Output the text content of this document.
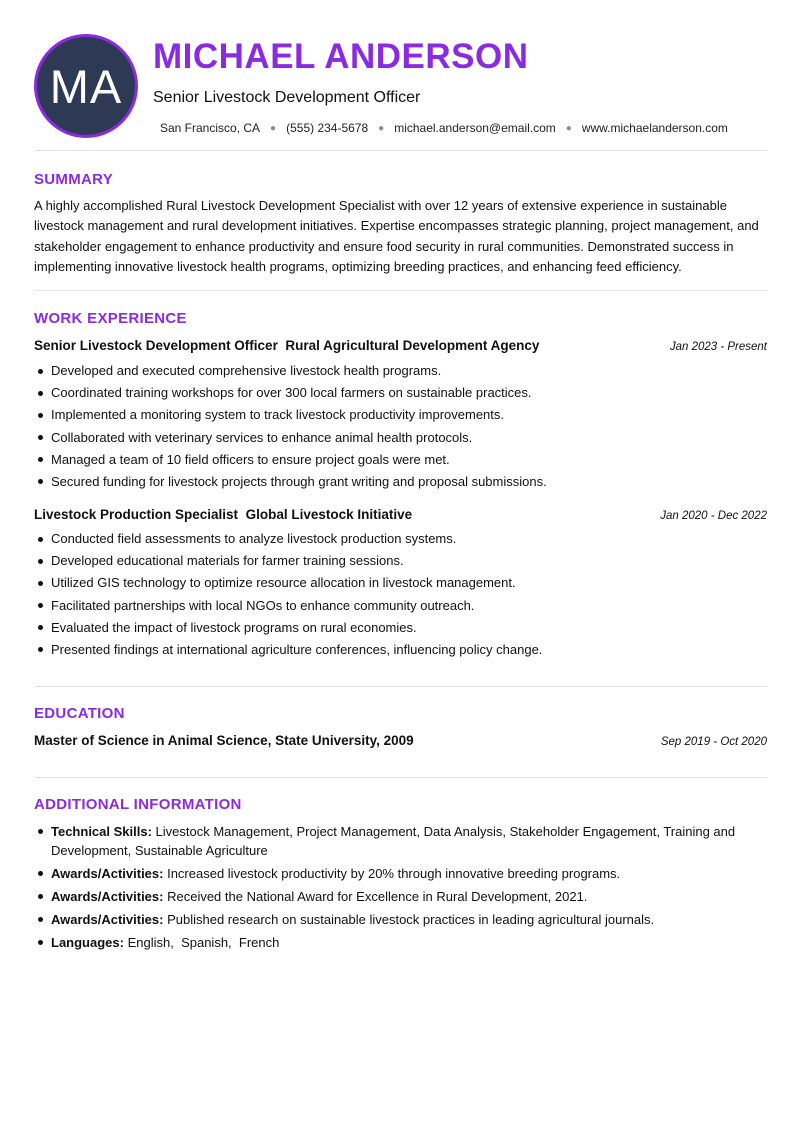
MA
MICHAEL ANDERSON
Senior Livestock Development Officer
San Francisco, CA ● (555) 234-5678 ● michael.anderson@email.com ● www.michaelanderson.com
SUMMARY

A highly accomplished Rural Livestock Development Specialist with over 12 years of extensive experience in sustainable livestock management and rural development initiatives. Expertise encompasses strategic planning, project management, and stakeholder engagement to enhance productivity and ensure food security in rural communities. Demonstrated success in implementing innovative livestock health programs, optimizing breeding practices, and enhancing feed efficiency.

WORK EXPERIENCE
Senior Livestock Development Officer Rural Agricultural Development Agency	Jan 2023 - Present
Developed and executed comprehensive livestock health programs.
Coordinated training workshops for over 300 local farmers on sustainable practices.
Implemented a monitoring system to track livestock productivity improvements.
Collaborated with veterinary services to enhance animal health protocols.
Managed a team of 10 field officers to ensure project goals were met.
Secured funding for livestock projects through grant writing and proposal submissions.
Livestock Production Specialist Global Livestock Initiative	Jan 2020 - Dec 2022
Conducted field assessments to analyze livestock production systems.
Developed educational materials for farmer training sessions.
Utilized GIS technology to optimize resource allocation in livestock management.
Facilitated partnerships with local NGOs to enhance community outreach.
Evaluated the impact of livestock programs on rural economies.
Presented findings at international agriculture conferences, influencing policy change.
EDUCATION
Master of Science in Animal Science, State University, 2009	Sep 2019 - Oct 2020
ADDITIONAL INFORMATION
Technical Skills: Livestock Management, Project Management, Data Analysis, Stakeholder Engagement, Training and Development, Sustainable Agriculture
Awards/Activities: Increased livestock productivity by 20% through innovative breeding programs.
Awards/Activities: Received the National Award for Excellence in Rural Development, 2021.
Awards/Activities: Published research on sustainable livestock practices in leading agricultural journals.
Languages: English,  Spanish,  French
